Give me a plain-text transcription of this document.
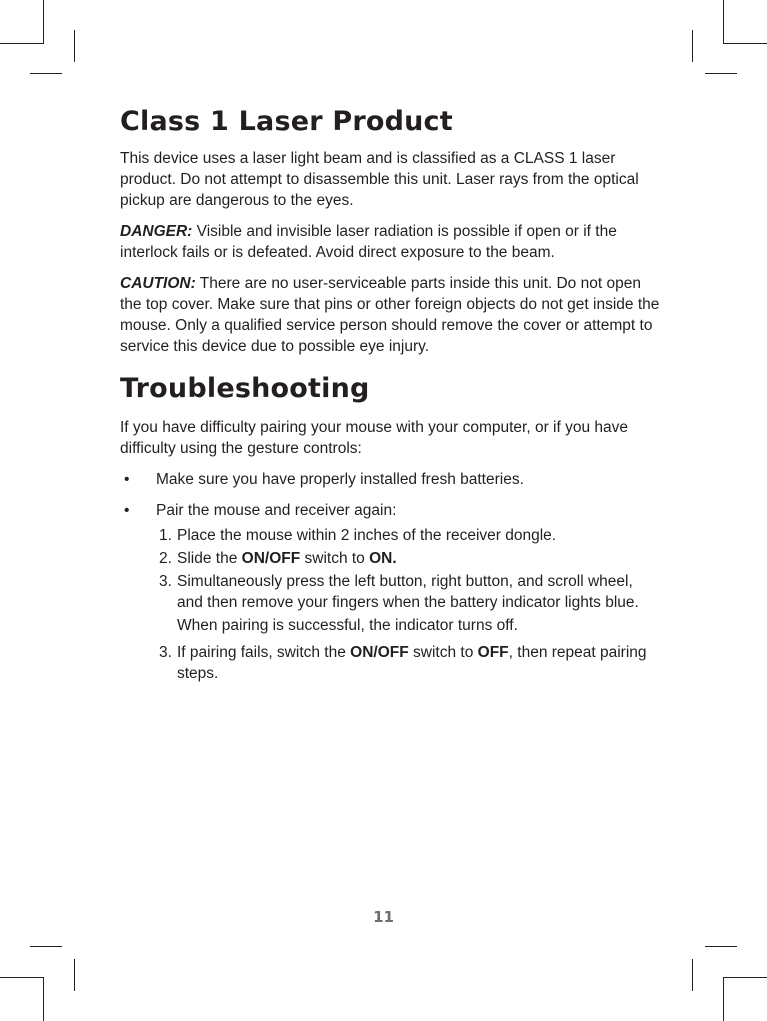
Class 1 Laser Product

This device uses a laser light beam and is classified as a CLASS 1 laser product. Do not attempt to disassemble this unit. Laser rays from the optical pickup are dangerous to the eyes.

DANGER: Visible and invisible laser radiation is possible if open or if the interlock fails or is defeated. Avoid direct exposure to the beam.

CAUTION: There are no user-serviceable parts inside this unit. Do not open the top cover. Make sure that pins or other foreign objects do not get inside the mouse. Only a qualified service person should remove the cover or attempt to service this device due to possible eye injury.

Troubleshooting

If you have difficulty pairing your mouse with your computer, or if you have difficulty using the gesture controls:

• Make sure you have properly installed fresh batteries.
• Pair the mouse and receiver again:
1. Place the mouse within 2 inches of the receiver dongle.
2. Slide the ON/OFF switch to ON.
3. Simultaneously press the left button, right button, and scroll wheel, and then remove your fingers when the battery indicator lights blue.
When pairing is successful, the indicator turns off.
3. If pairing fails, switch the ON/OFF switch to OFF, then repeat pairing steps.
11
